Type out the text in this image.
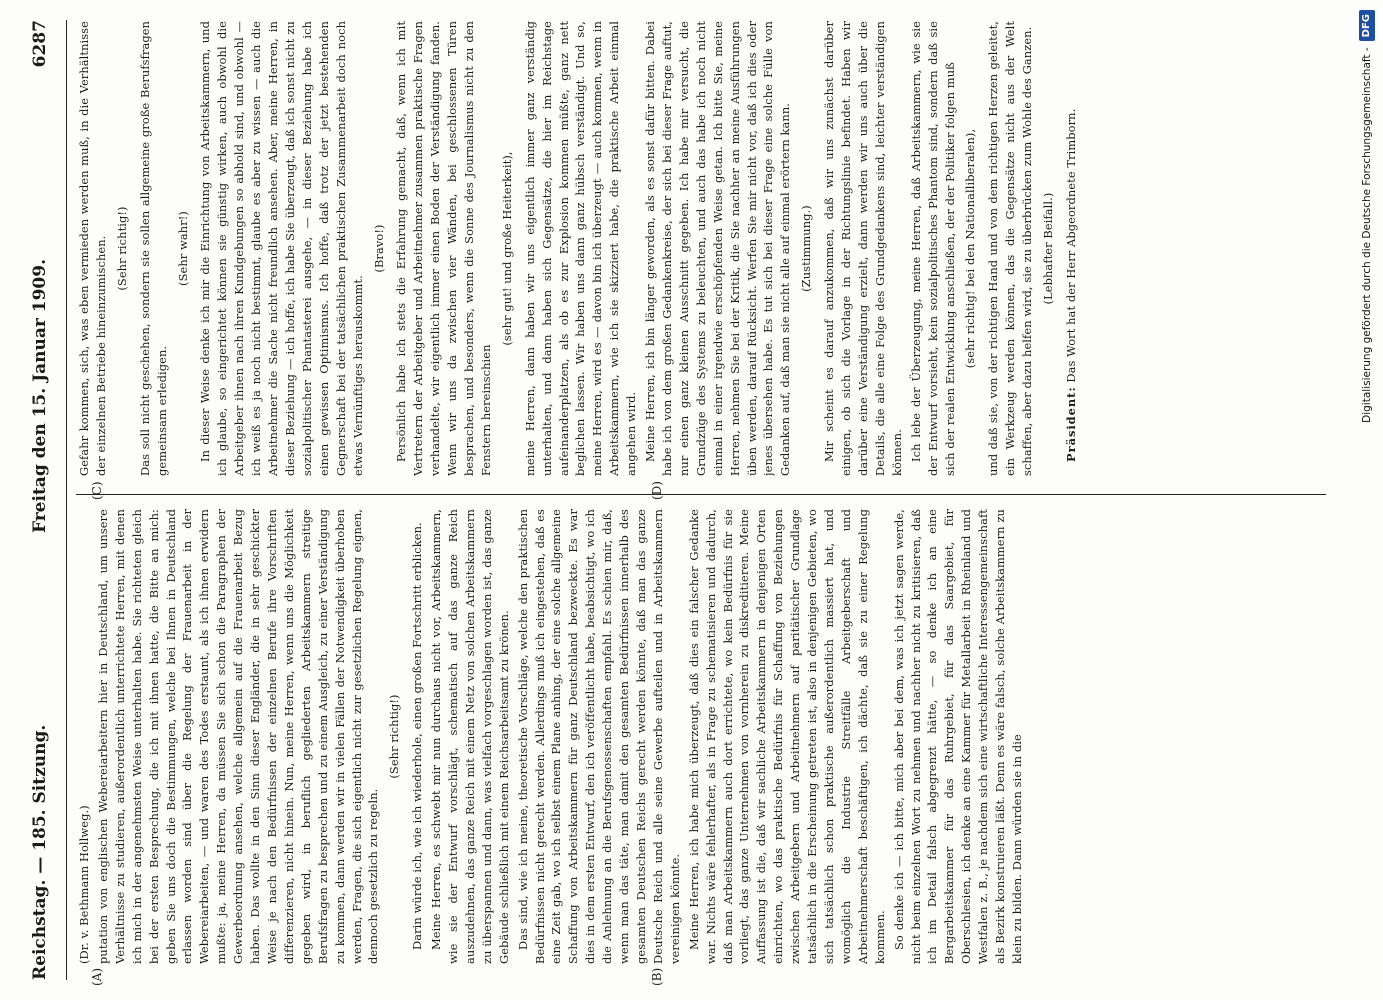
Reichstag. — 185. Sitzung.
Freitag den 15. Januar 1909.
6287
(A)	(B)
(C)	(D)

(Dr. v. Bethmann Hollweg.) putation von englischen Webereiarbeitern hier in Deutschland, um unsere Verhältnisse zu studieren, außerordentlich unterrichtete Herren, mit denen ich mich in der angenehmsten Weise unterhalten habe. Sie richteten gleich bei der ersten Besprechung, die ich mit ihnen hatte, die Bitte an mich: geben Sie uns doch die Bestimmungen, welche bei Ihnen in Deutschland erlassen worden sind über die Regelung der Frauenarbeit in der Webereiarbeiten, — und waren des Todes erstaunt, als ich ihnen erwidern mußte: ja, meine Herren, da müssen Sie sich schon die Paragraphen der Gewerbeordnung ansehen, welche allgemein auf die Frauenarbeit Bezug haben. Das wollte in den Sinn dieser Engländer, die in sehr geschickter Weise je nach den Bedürfnissen der einzelnen Berufe ihre Vorschriften differenzieren, nicht hinein. Nun, meine Herren, wenn uns die Möglichkeit gegeben wird, in beruflich gegliederten Arbeitskammern streitige Berufsfragen zu besprechen und zu einem Ausgleich, zu einer Verständigung zu kommen, dann werden wir in vielen Fällen der Notwendigkeit überhoben werden, Fragen, die sich eigentlich nicht zur gesetzlichen Regelung eignen, dennoch gesetzlich zu regeln.

(Sehr richtig!) Darin würde ich, wie ich wiederhole, einen großen Fortschritt erblicken. Meine Herren, es schwebt mir nun durchaus nicht vor, Arbeitskammern, wie sie der Entwurf vorschlägt, schematisch auf das ganze Reich auszudehnen, das ganze Reich mit einem Netz von solchen Arbeitskammern zu überspannen und dann, was vielfach vorgeschlagen worden ist, das ganze Gebäude schließlich mit einem Reichsarbeitsamt zu krönen. Das sind, wie ich meine, theoretische Vorschläge, welche den praktischen Bedürfnissen nicht gerecht werden. Allerdings muß ich eingestehen, daß es eine Zeit gab, wo ich selbst einem Plane anhing, der eine solche allgemeine Schaffung von Arbeitskammern für ganz Deutschland bezweckte. Es war dies in dem ersten Entwurf, den ich veröffentlicht habe, beabsichtigt, wo ich die Anlehnung an die Berufsgenossenschaften empfahl. Es schien mir, daß, wenn man das täte, man damit den gesamten Bedürfnissen innerhalb des gesamten Deutschen Reichs gerecht werden könnte, daß man das ganze Deutsche Reich und alle seine Gewerbe aufteilen und in Arbeitskammern vereinigen könnte. Meine Herren, ich habe mich überzeugt, daß dies ein falscher Gedanke war. Nichts wäre fehlerhafter, als in Frage zu schematisieren und dadurch, daß man Arbeitskammern auch dort errichtete, wo kein Bedürfnis für sie vorliegt, das ganze Unternehmen von vornherein zu diskreditieren. Meine Auffassung ist die, daß wir sachliche Arbeitskammern in denjenigen Orten einrichten, wo das praktische Bedürfnis für Schaffung von Beziehungen zwischen Arbeitgebern und Arbeitnehmern auf paritätischer Grundlage tatsächlich in die Erscheinung getreten ist, also in denjenigen Gebieten, wo sich tatsächlich schon praktische außerordentlich massiert hat, und womöglich die Industrie Streitfälle Arbeitgeberschaft und Arbeitnehmerschaft beschäftigen, ich dächte, daß sie zu einer Regelung kommen. So denke ich — ich bitte, mich aber bei dem, was ich jetzt sagen werde, nicht beim einzelnen Wort zu nehmen und nachher nicht zu kritisieren, daß ich im Detail falsch abgegrenzt hätte, — so denke ich an eine Bergarbeitskammer für das Ruhrgebiet, für das Saargebiet, für Oberschlesien, ich denke an eine Kammer für Metallarbeit in Rheinland und Westfalen z. B., je nachdem sich eine wirtschaftliche Interessengemeinschaft als Bezirk konstruieren läßt. Denn es wäre falsch, solche Arbeitskammern zu klein zu bilden. Dann würden sie in die

Gefahr kommen, sich, was eben vermieden werden muß, in die Verhältnisse der einzelnen Betriebe hineinzumischen. (Sehr richtig!) Das soll nicht geschehen, sondern sie sollen allgemeine große Berufsfragen gemeinsam erledigen.

(Sehr wahr!) In dieser Weise denke ich mir die Einrichtung von Arbeitskammern, und ich glaube, so eingerichtet können sie günstig wirken, auch obwohl die Arbeitgeber ihnen nach ihren Kundgebungen so abhold sind, und obwohl — ich weiß es ja noch nicht bestimmt, glaube es aber zu wissen — auch die Arbeitnehmer die Sache nicht freundlich ansehen. Aber, meine Herren, in dieser Beziehung — ich hoffe, ich habe Sie überzeugt, daß ich sonst nicht zu sozialpolitischer Phantasterei ausgehe, — in dieser Beziehung habe ich einen gewissen Optimismus. Ich hoffe, daß trotz der jetzt bestehenden Gegnerschaft bei der tatsächlichen praktischen Zusammenarbeit doch noch etwas Vernünftiges herauskommt.

(Bravo!) Persönlich habe ich stets die Erfahrung gemacht, daß, wenn ich mit Vertretern der Arbeitgeber und Arbeitnehmer zusammen praktische Fragen verhandelte, wir eigentlich immer einen Boden der Verständigung fanden. Wenn wir uns da zwischen vier Wänden, bei geschlossenen Türen besprachen, und besonders, wenn die Sonne des Journalismus nicht zu den Fenstern hereinschien

(sehr gut! und große Heiterkeit), meine Herren, dann haben wir uns eigentlich immer ganz verständig unterhalten, und dann haben sich Gegensätze, die hier im Reichstage aufeinanderplatzen, als ob es zur Explosion kommen müßte, ganz nett beglichen lassen. Wir haben uns dann ganz hübsch verständigt. Und so, meine Herren, wird es — davon bin ich überzeugt — auch kommen, wenn in Arbeitskammern, wie ich sie skizziert habe, die praktische Arbeit einmal angehen wird. Meine Herren, ich bin länger geworden, als es sonst dafür bitten. Dabei habe ich von dem großen Gedankenkreise, der sich bei dieser Frage auftut, nur einen ganz kleinen Ausschnitt gegeben. Ich habe mir versucht, die Grundzüge des Systems zu beleuchten, und auch das habe ich noch nicht einmal in einer irgendwie erschöpfenden Weise getan. Ich bitte Sie, meine Herren, nehmen Sie bei der Kritik, die Sie nachher an meine Ausführungen üben werden, darauf Rücksicht. Werfen Sie mir nicht vor, daß ich dies oder jenes übersehen habe. Es tut sich bei dieser Frage eine solche Fülle von Gedanken auf, daß man sie nicht alle auf einmal erörtern kann. (Zustimmung.) Mir scheint es darauf anzukommen, daß wir uns zunächst darüber einigen, ob sich die Vorlage in der Richtungslinie befindet. Haben wir darüber eine Verständigung erzielt, dann werden wir uns auch über die Details, die alle eine Folge des Grundgedankens sind, leichter verständigen können. Ich lebe der Überzeugung, meine Herren, daß Arbeitskammern, wie sie der Entwurf vorsieht, kein sozialpolitisches Phantom sind, sondern daß sie sich der realen Entwicklung anschließen, der der Politiker folgen muß (sehr richtig! bei den Nationalliberalen), und daß sie, von der richtigen Hand und von dem richtigen Herzen geleitet, ein Werkzeug werden können, das die Gegensätze nicht aus der Welt schaffen, aber dazu helfen wird, sie zu überbrücken zum Wohle des Ganzen. (Lebhafter Beifall.)

Präsident: Das Wort hat der Herr Abgeordnete Trimborn.	Digitalisierung gefördert durch die Deutsche Forschungsgemeinschaft -
DFG
